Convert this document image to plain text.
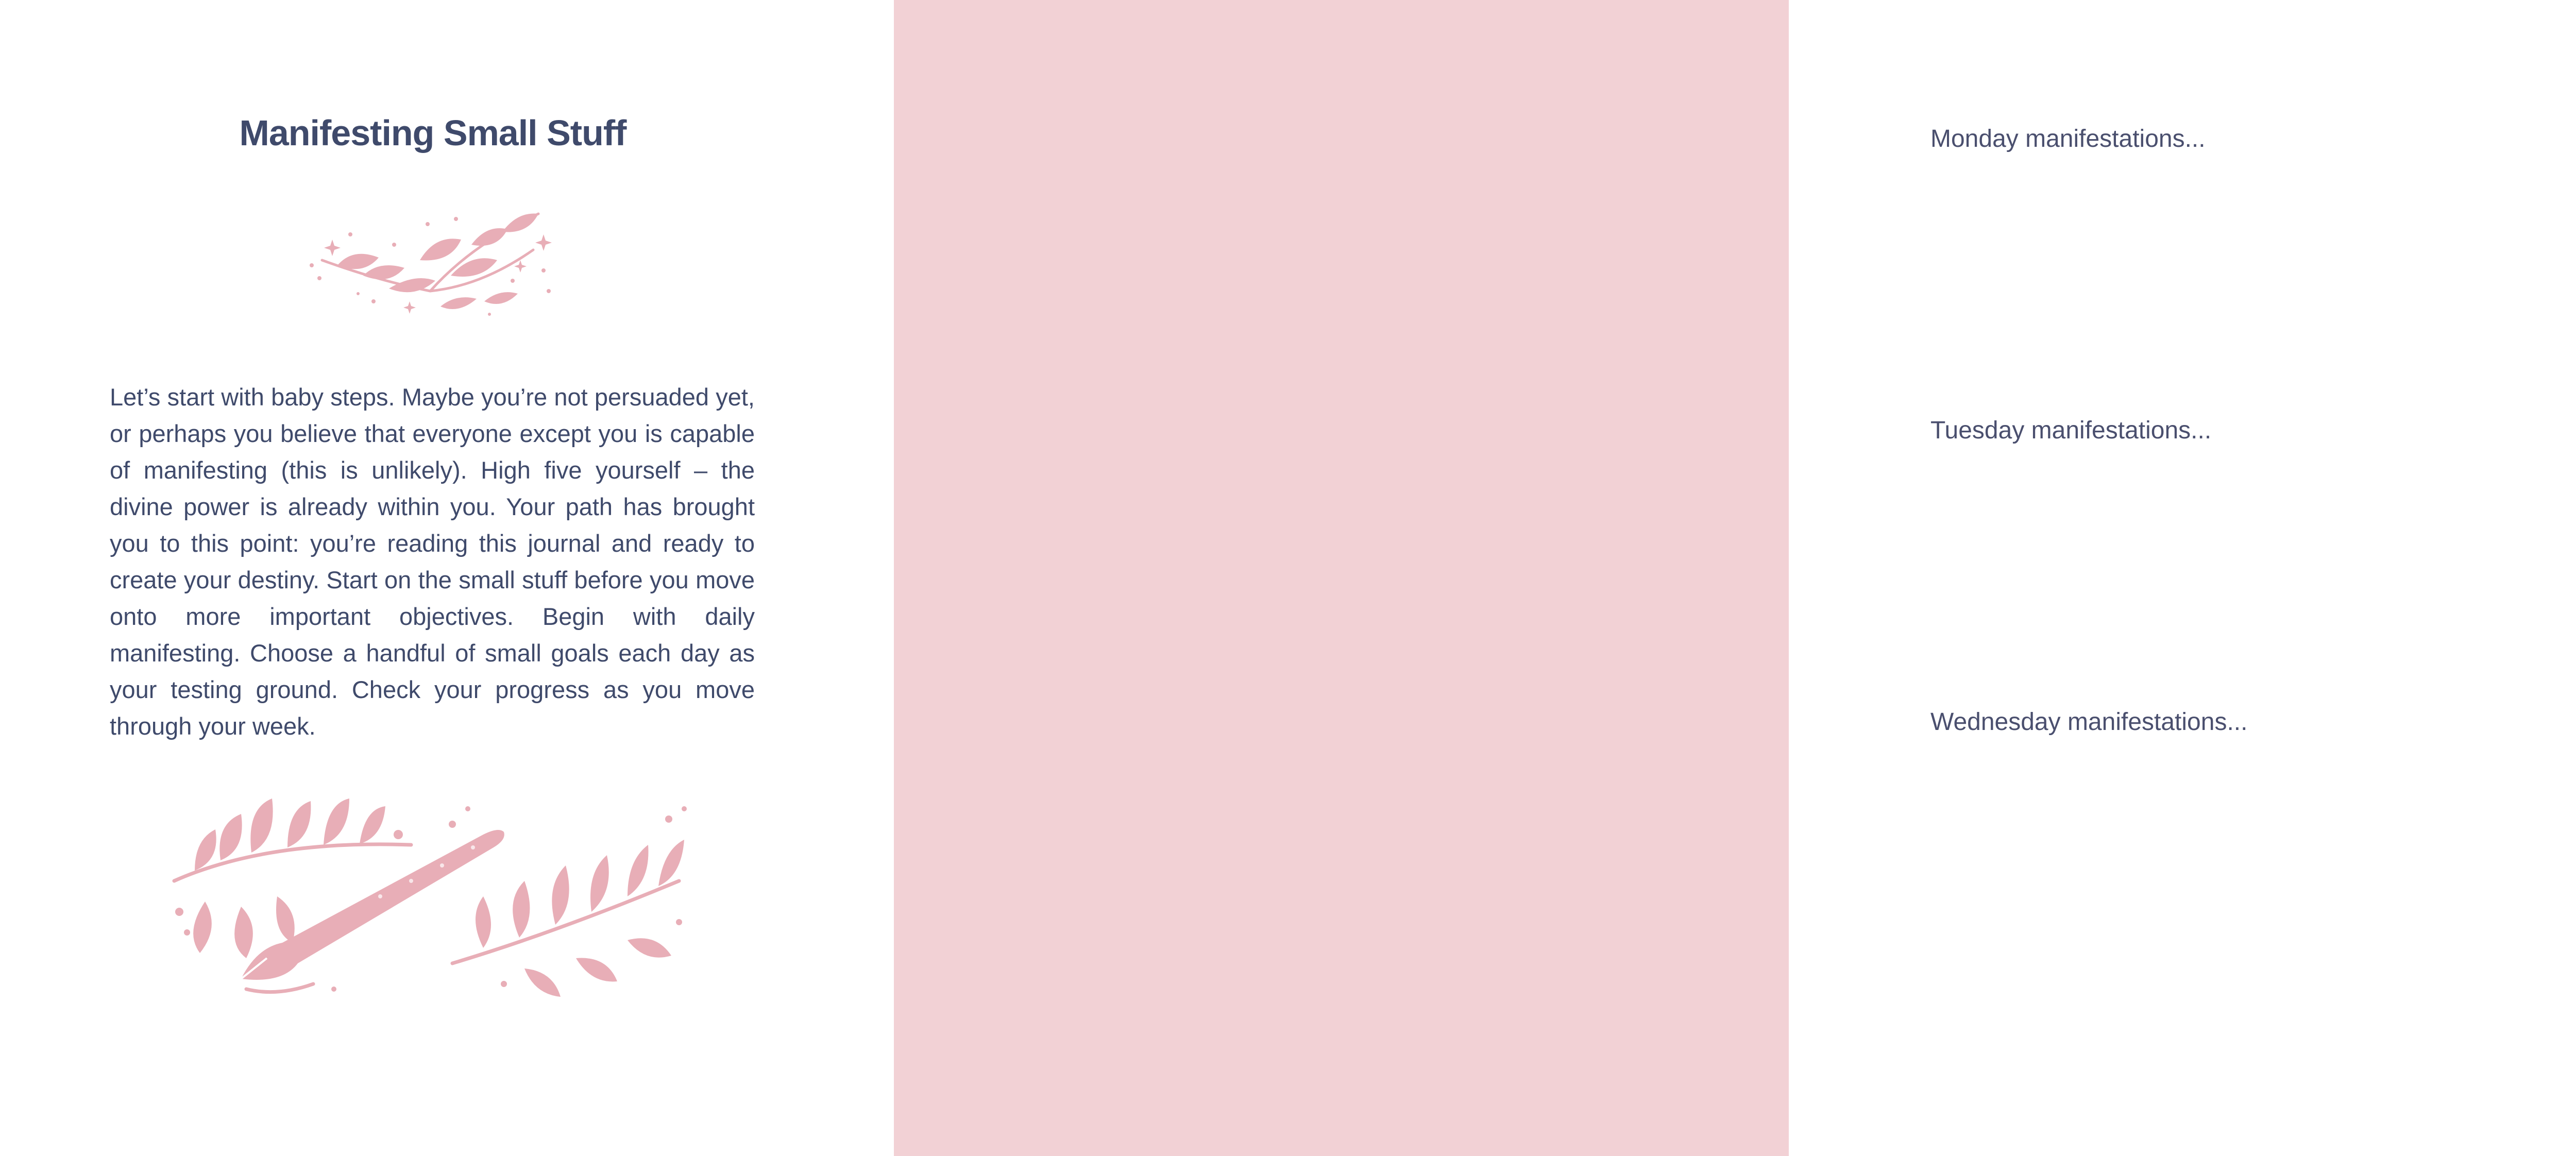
Manifesting Small Stuff

Let’s start with baby steps. Maybe you’re not persuaded yet, or perhaps you believe that everyone except you is capable of manifesting (this is unlikely). High five yourself – the divine power is already within you. Your path has brought you to this point: you’re reading this journal and ready to create your destiny. Start on the small stuff before you move onto more important objectives. Begin with daily manifesting. Choose a handful of small goals each day as your testing ground. Check your progress as you move through your week.

Monday manifestations...
Tuesday manifestations...
Wednesday manifestations...
